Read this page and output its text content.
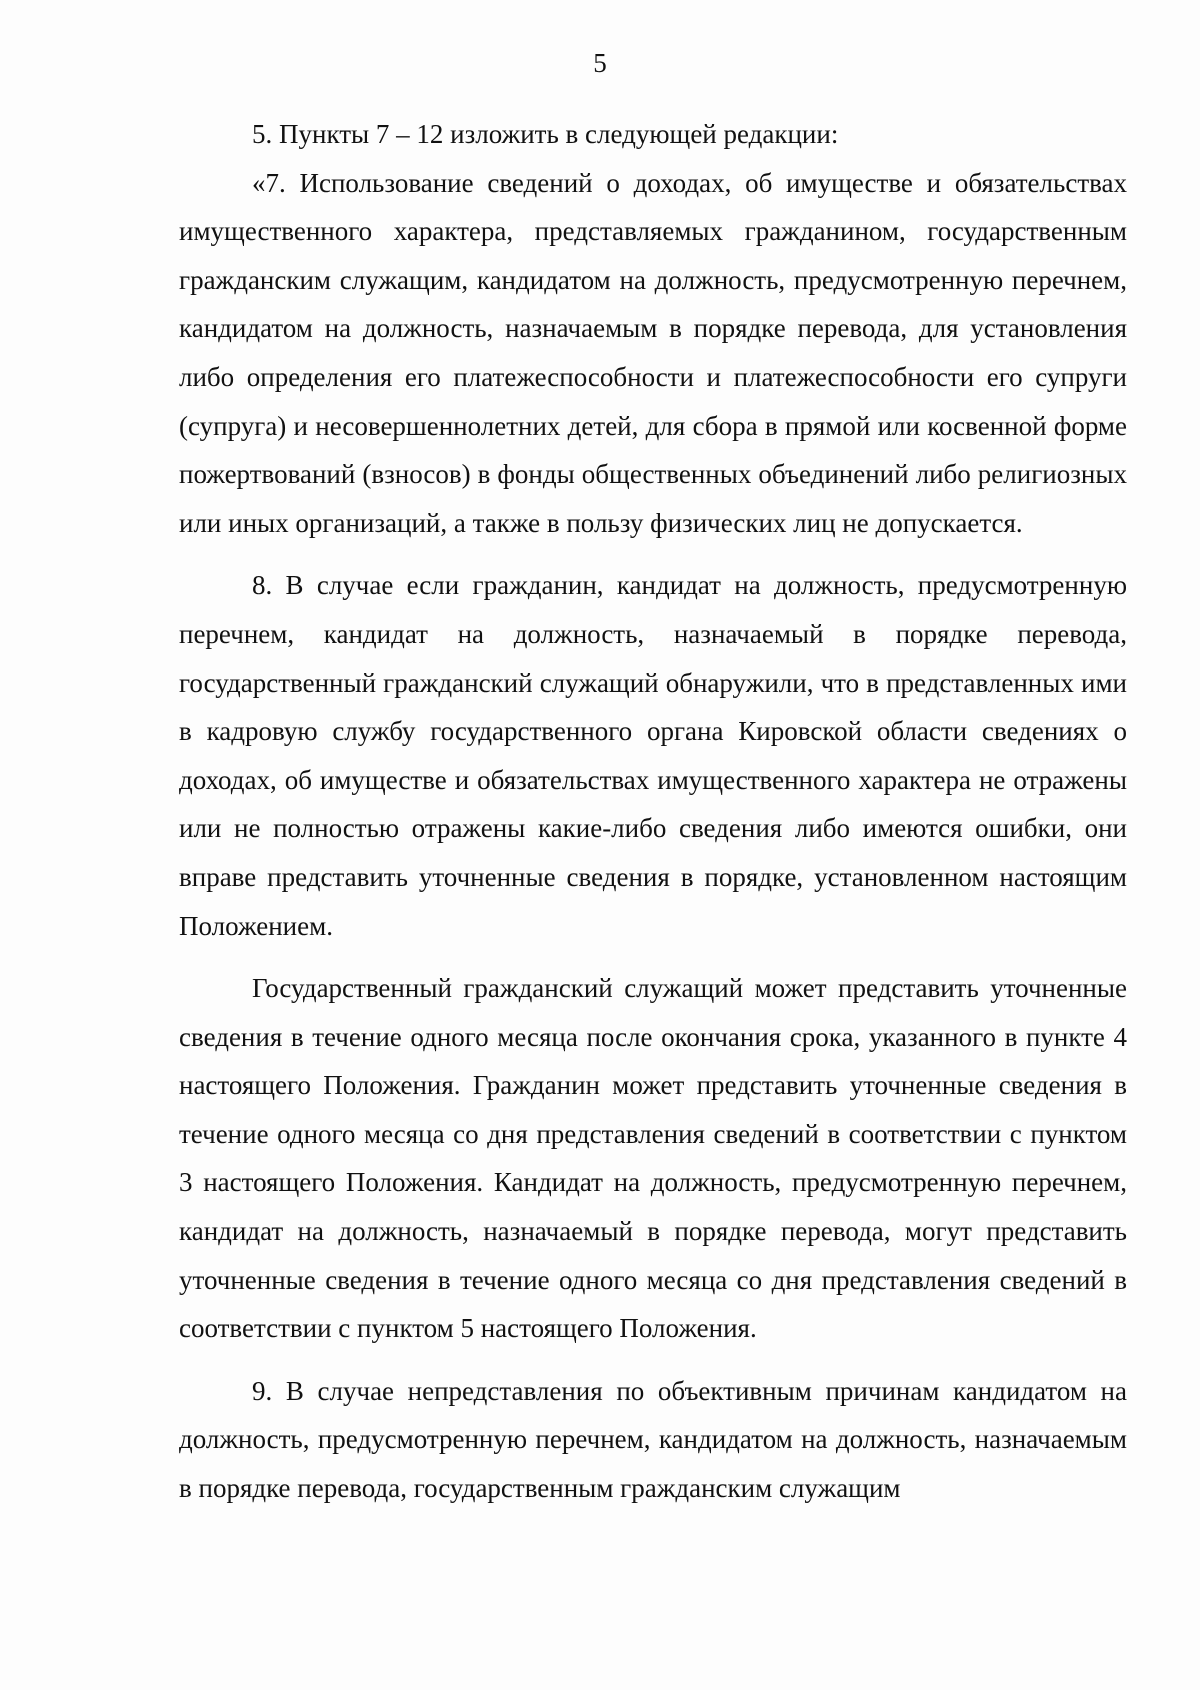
5

5. Пункты 7 – 12 изложить в следующей редакции:

«7. Использование сведений о доходах, об имуществе и обязательствах имущественного характера, представляемых гражданином, государственным гражданским служащим, кандидатом на должность, предусмотренную перечнем, кандидатом на должность, назначаемым в порядке перевода, для установления либо определения его платежеспособности и платежеспособности его супруги (супруга) и несовершеннолетних детей, для сбора в прямой или косвенной форме пожертвований (взносов) в фонды общественных объединений либо религиозных или иных организаций, а также в пользу физических лиц не допускается.

8. В случае если гражданин, кандидат на должность, предусмотренную перечнем, кандидат на должность, назначаемый в порядке перевода, государственный гражданский служащий обнаружили, что в представленных ими в кадровую службу государственного органа Кировской области сведениях о доходах, об имуществе и обязательствах имущественного характера не отражены или не полностью отражены какие-либо сведения либо имеются ошибки, они вправе представить уточненные сведения в порядке, установленном настоящим Положением.

Государственный гражданский служащий может представить уточненные сведения в течение одного месяца после окончания срока, указанного в пункте 4 настоящего Положения. Гражданин может представить уточненные сведения в течение одного месяца со дня представления сведений в соответствии с пунктом 3 настоящего Положения. Кандидат на должность, предусмотренную перечнем, кандидат на должность, назначаемый в порядке перевода, могут представить уточненные сведения в течение одного месяца со дня представления сведений в соответствии с пунктом 5 настоящего Положения.

9. В случае непредставления по объективным причинам кандидатом на должность, предусмотренную перечнем, кандидатом на должность, назначаемым в порядке перевода, государственным гражданским служащим
